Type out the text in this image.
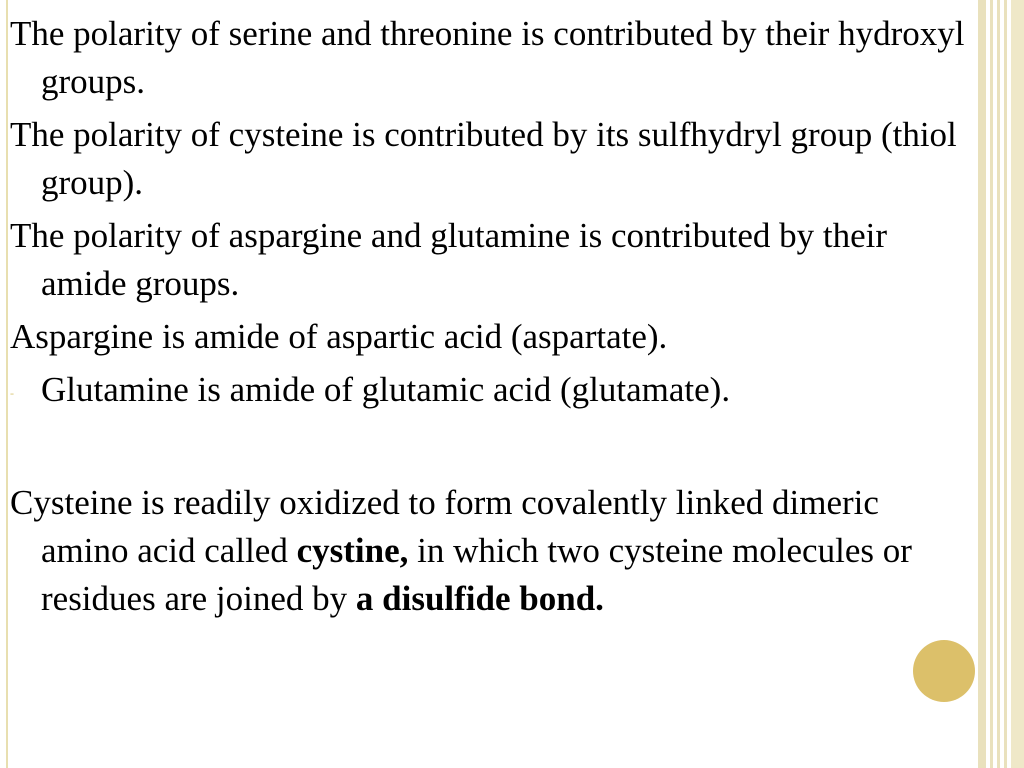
The polarity of serine and threonine is contributed by their hydroxyl groups.

The polarity of cysteine is contributed by its sulfhydryl group (thiol group).

The polarity of aspargine and glutamine is contributed by their amide groups.

Aspargine is amide of aspartic acid (aspartate).

- Glutamine is amide of glutamic acid (glutamate).

Cysteine is readily oxidized to form covalently linked dimeric amino acid called cystine, in which two cysteine molecules or residues are joined by a disulfide bond.
